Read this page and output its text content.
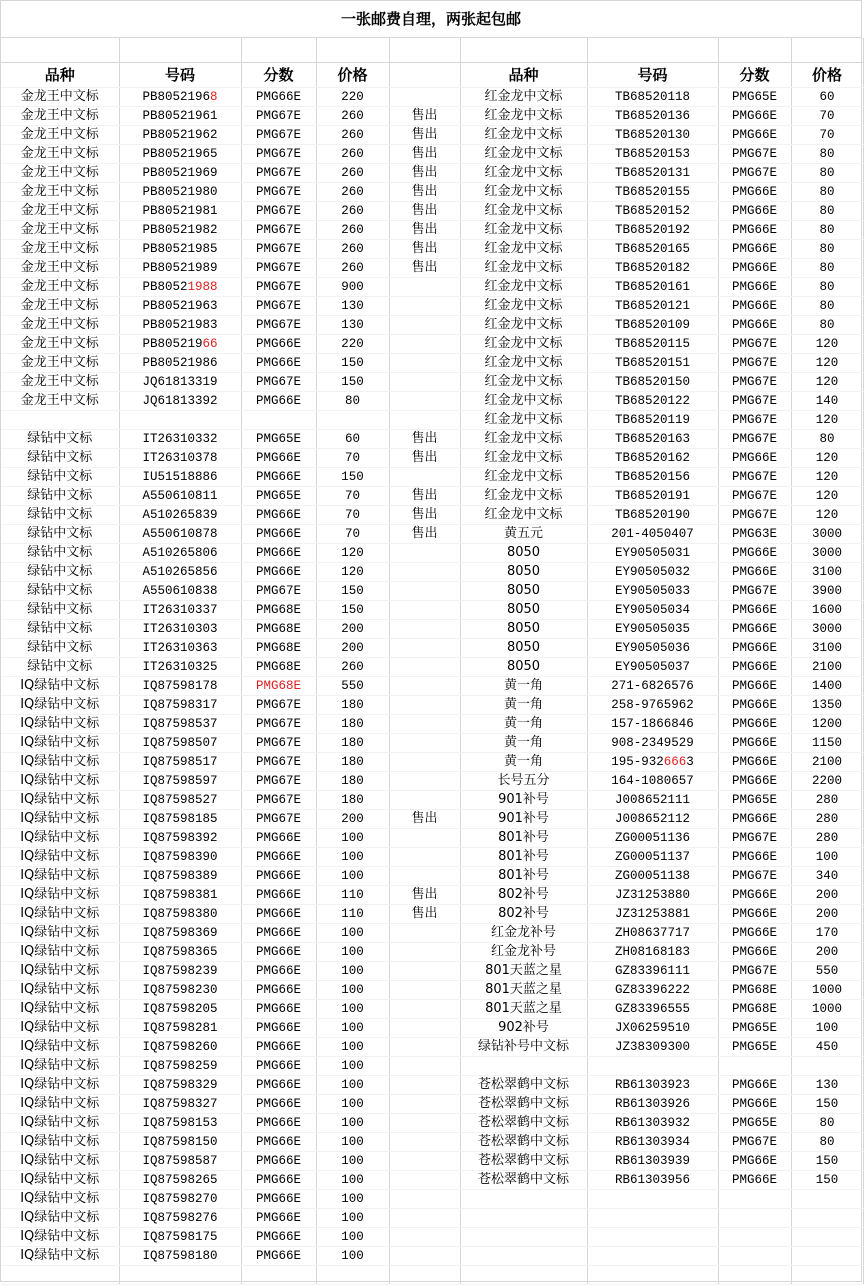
一张邮费自理，两张起包邮

品种	号码	分数	价格		品种	号码	分数	价格
金龙王中文标	PB80521968	PMG66E	220		红金龙中文标	TB68520118	PMG65E	60
金龙王中文标	PB80521961	PMG67E	260	售出	红金龙中文标	TB68520136	PMG66E	70
金龙王中文标	PB80521962	PMG67E	260	售出	红金龙中文标	TB68520130	PMG66E	70
金龙王中文标	PB80521965	PMG67E	260	售出	红金龙中文标	TB68520153	PMG67E	80
金龙王中文标	PB80521969	PMG67E	260	售出	红金龙中文标	TB68520131	PMG67E	80
金龙王中文标	PB80521980	PMG67E	260	售出	红金龙中文标	TB68520155	PMG66E	80
金龙王中文标	PB80521981	PMG67E	260	售出	红金龙中文标	TB68520152	PMG66E	80
金龙王中文标	PB80521982	PMG67E	260	售出	红金龙中文标	TB68520192	PMG66E	80
金龙王中文标	PB80521985	PMG67E	260	售出	红金龙中文标	TB68520165	PMG66E	80
金龙王中文标	PB80521989	PMG67E	260	售出	红金龙中文标	TB68520182	PMG66E	80
金龙王中文标	PB80521988	PMG67E	900		红金龙中文标	TB68520161	PMG66E	80
金龙王中文标	PB80521963	PMG67E	130		红金龙中文标	TB68520121	PMG66E	80
金龙王中文标	PB80521983	PMG67E	130		红金龙中文标	TB68520109	PMG66E	80
金龙王中文标	PB80521966	PMG66E	220		红金龙中文标	TB68520115	PMG67E	120
金龙王中文标	PB80521986	PMG66E	150		红金龙中文标	TB68520151	PMG67E	120
金龙王中文标	JQ61813319	PMG67E	150		红金龙中文标	TB68520150	PMG67E	120
金龙王中文标	JQ61813392	PMG66E	80		红金龙中文标	TB68520122	PMG67E	140
					红金龙中文标	TB68520119	PMG67E	120
绿钻中文标	IT26310332	PMG65E	60	售出	红金龙中文标	TB68520163	PMG67E	80
绿钻中文标	IT26310378	PMG66E	70	售出	红金龙中文标	TB68520162	PMG66E	120
绿钻中文标	IU51518886	PMG66E	150		红金龙中文标	TB68520156	PMG67E	120
绿钻中文标	A550610811	PMG65E	70	售出	红金龙中文标	TB68520191	PMG67E	120
绿钻中文标	A510265839	PMG66E	70	售出	红金龙中文标	TB68520190	PMG67E	120
绿钻中文标	A550610878	PMG66E	70	售出	黄五元	201-4050407	PMG63E	3000
绿钻中文标	A510265806	PMG66E	120		8050	EY90505031	PMG66E	3000
绿钻中文标	A510265856	PMG66E	120		8050	EY90505032	PMG66E	3100
绿钻中文标	A550610838	PMG67E	150		8050	EY90505033	PMG67E	3900
绿钻中文标	IT26310337	PMG68E	150		8050	EY90505034	PMG66E	1600
绿钻中文标	IT26310303	PMG68E	200		8050	EY90505035	PMG66E	3000
绿钻中文标	IT26310363	PMG68E	200		8050	EY90505036	PMG66E	3100
绿钻中文标	IT26310325	PMG68E	260		8050	EY90505037	PMG66E	2100
IQ绿钻中文标	IQ87598178	PMG68E	550		黄一角	271-6826576	PMG66E	1400
IQ绿钻中文标	IQ87598317	PMG67E	180		黄一角	258-9765962	PMG66E	1350
IQ绿钻中文标	IQ87598537	PMG67E	180		黄一角	157-1866846	PMG66E	1200
IQ绿钻中文标	IQ87598507	PMG67E	180		黄一角	908-2349529	PMG66E	1150
IQ绿钻中文标	IQ87598517	PMG67E	180		黄一角	195-9326663	PMG66E	2100
IQ绿钻中文标	IQ87598597	PMG67E	180		长号五分	164-1080657	PMG66E	2200
IQ绿钻中文标	IQ87598527	PMG67E	180		901补号	J008652111	PMG65E	280
IQ绿钻中文标	IQ87598185	PMG67E	200	售出	901补号	J008652112	PMG66E	280
IQ绿钻中文标	IQ87598392	PMG66E	100		801补号	ZG00051136	PMG67E	280
IQ绿钻中文标	IQ87598390	PMG66E	100		801补号	ZG00051137	PMG66E	100
IQ绿钻中文标	IQ87598389	PMG66E	100		801补号	ZG00051138	PMG67E	340
IQ绿钻中文标	IQ87598381	PMG66E	110	售出	802补号	JZ31253880	PMG66E	200
IQ绿钻中文标	IQ87598380	PMG66E	110	售出	802补号	JZ31253881	PMG66E	200
IQ绿钻中文标	IQ87598369	PMG66E	100		红金龙补号	ZH08637717	PMG66E	170
IQ绿钻中文标	IQ87598365	PMG66E	100		红金龙补号	ZH08168183	PMG66E	200
IQ绿钻中文标	IQ87598239	PMG66E	100		801天蓝之星	GZ83396111	PMG67E	550
IQ绿钻中文标	IQ87598230	PMG66E	100		801天蓝之星	GZ83396222	PMG68E	1000
IQ绿钻中文标	IQ87598205	PMG66E	100		801天蓝之星	GZ83396555	PMG68E	1000
IQ绿钻中文标	IQ87598281	PMG66E	100		902补号	JX06259510	PMG65E	100
IQ绿钻中文标	IQ87598260	PMG66E	100		绿钻补号中文标	JZ38309300	PMG65E	450
IQ绿钻中文标	IQ87598259	PMG66E	100					
IQ绿钻中文标	IQ87598329	PMG66E	100		苍松翠鹤中文标	RB61303923	PMG66E	130
IQ绿钻中文标	IQ87598327	PMG66E	100		苍松翠鹤中文标	RB61303926	PMG66E	150
IQ绿钻中文标	IQ87598153	PMG66E	100		苍松翠鹤中文标	RB61303932	PMG65E	80
IQ绿钻中文标	IQ87598150	PMG66E	100		苍松翠鹤中文标	RB61303934	PMG67E	80
IQ绿钻中文标	IQ87598587	PMG66E	100		苍松翠鹤中文标	RB61303939	PMG66E	150
IQ绿钻中文标	IQ87598265	PMG66E	100		苍松翠鹤中文标	RB61303956	PMG66E	150
IQ绿钻中文标	IQ87598270	PMG66E	100					
IQ绿钻中文标	IQ87598276	PMG66E	100					
IQ绿钻中文标	IQ87598175	PMG66E	100					
IQ绿钻中文标	IQ87598180	PMG66E	100					
